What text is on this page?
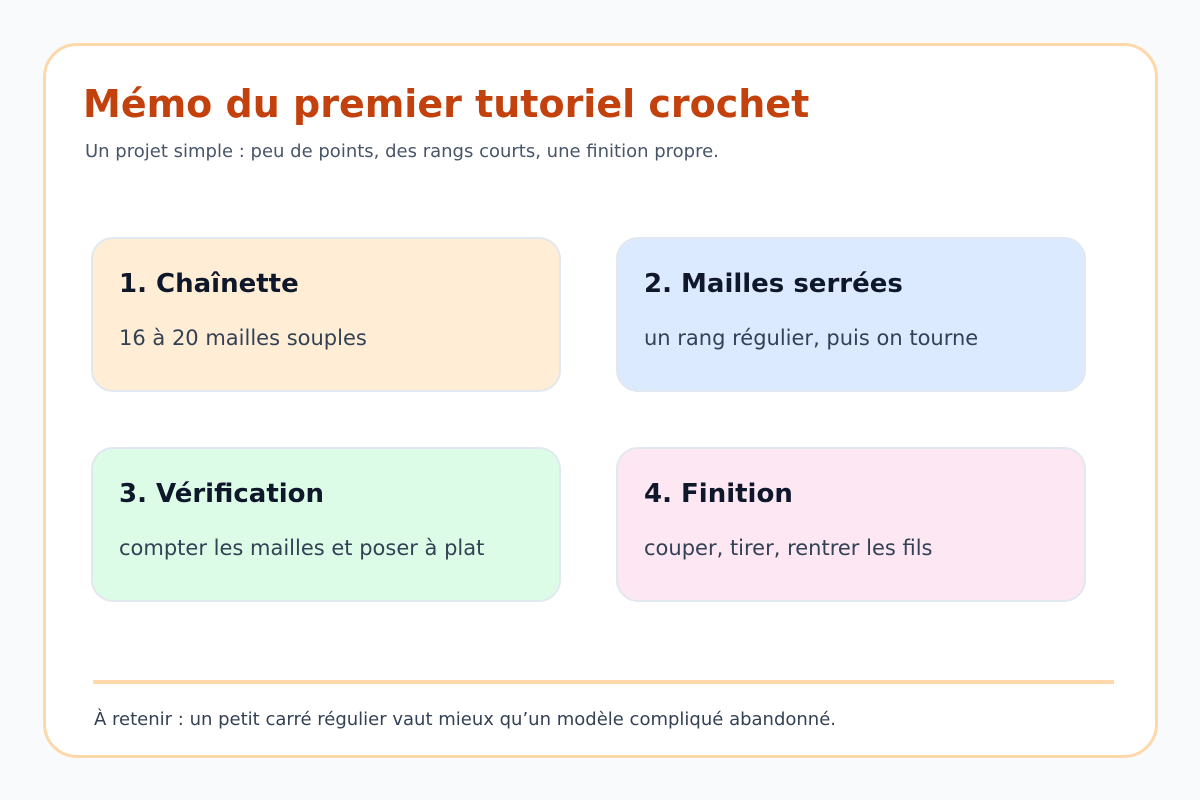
Mémo du premier tutoriel crochet

Un projet simple : peu de points, des rangs courts, une finition propre.

1. Chaînette
16 à 20 mailles souples
2. Mailles serrées
un rang régulier, puis on tourne
3. Vérification
compter les mailles et poser à plat
4. Finition
couper, tirer, rentrer les fils

À retenir : un petit carré régulier vaut mieux qu’un modèle compliqué abandonné.
